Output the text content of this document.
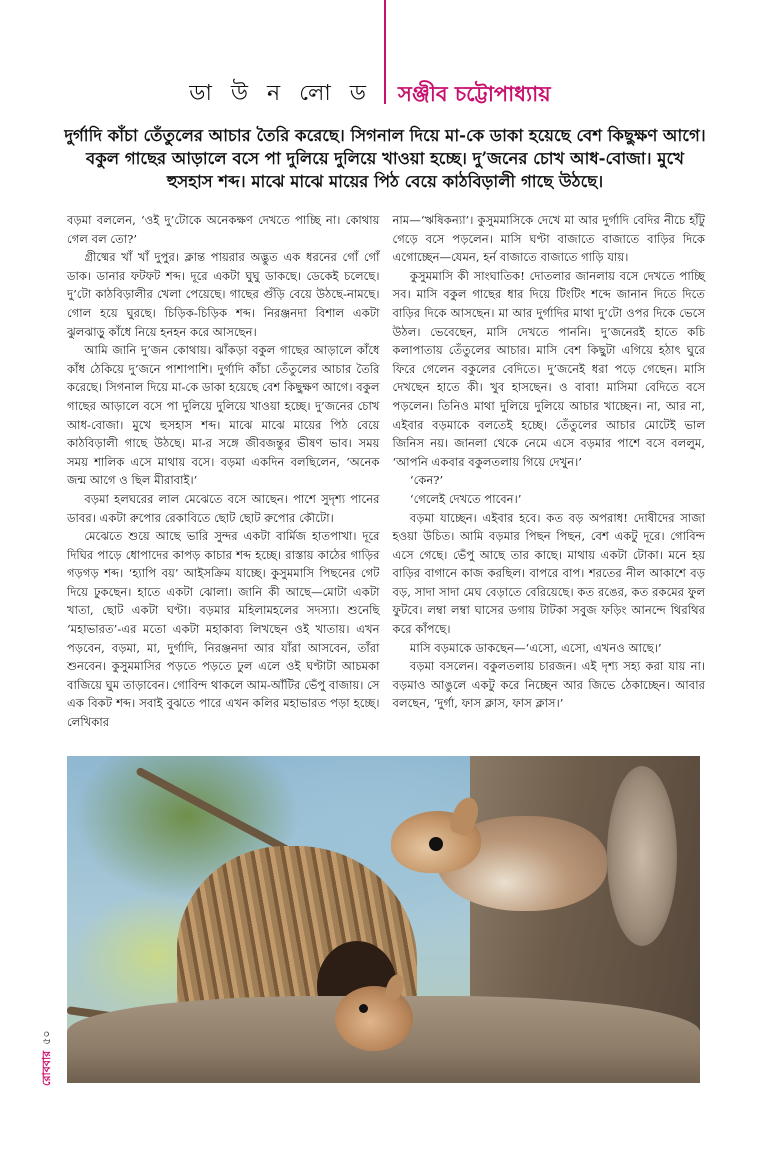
ডা উ ন লো ড সঞ্জীব চট্টোপাধ্যায়
দুর্গাদি কাঁচা তেঁতুলের আচার তৈরি করেছে। সিগনাল দিয়ে মা-কে ডাকা হয়েছে বেশ কিছুক্ষণ আগে। বকুল গাছের আড়ালে বসে পা দুলিয়ে দুলিয়ে খাওয়া হচ্ছে। দু’জনের চোখ আধ-বোজা। মুখে হুসহাস শব্দ। মাঝে মাঝে মায়ের পিঠ বেয়ে কাঠবিড়ালী গাছে উঠছে।

বড়মা বললেন, ‘ওই দু’টোকে অনেকক্ষণ দেখতে পাচ্ছি না। কোথায় গেল বল তো?’

গ্রীষ্মের খাঁ খাঁ দুপুর। ক্লান্ত পায়রার অদ্ভুত এক ধরনের গোঁ গোঁ ডাক। ডানার ফটফট শব্দ। দূরে একটা ঘুঘু ডাকছে। ডেকেই চলেছে। দু’টো কাঠবিড়ালীর খেলা পেয়েছে। গাছের গুঁড়ি বেয়ে উঠছে-নামছে। গোল হয়ে ঘুরছে। চিড়িক-চিড়িক শব্দ। নিরঞ্জনদা বিশাল একটা ঝুলঝাড়ু কাঁধে নিয়ে হনহন করে আসছেন।

আমি জানি দু’জন কোথায়। ঝাঁকড়া বকুল গাছের আড়ালে কাঁধে কাঁধ ঠেকিয়ে দু’জনে পাশাপাশি। দুর্গাদি কাঁচা তেঁতুলের আচার তৈরি করেছে। সিগনাল দিয়ে মা-কে ডাকা হয়েছে বেশ কিছুক্ষণ আগে। বকুল গাছের আড়ালে বসে পা দুলিয়ে দুলিয়ে খাওয়া হচ্ছে। দু’জনের চোখ আধ-বোজা। মুখে হুসহাস শব্দ। মাঝে মাঝে মায়ের পিঠ বেয়ে কাঠবিড়ালী গাছে উঠছে। মা-র সঙ্গে জীবজন্তুর ভীষণ ভাব। সময় সময় শালিক এসে মাথায় বসে। বড়মা একদিন বলছিলেন, ‘অনেক জন্ম আগে ও ছিল মীরাবাই।’

বড়মা হলঘরের লাল মেঝেতে বসে আছেন। পাশে সুদৃশ্য পানের ডাবর। একটা রুপোর রেকাবিতে ছোট ছোট রুপোর কৌটো।

মেঝেতে শুয়ে আছে ভারি সুন্দর একটা বার্মিজ হাতপাখা। দূরে দিঘির পাড়ে ধোপাদের কাপড় কাচার শব্দ হচ্ছে। রাস্তায় কাঠের গাড়ির গড়গড় শব্দ। ‘হ্যাপি বয়’ আইসক্রিম যাচ্ছে। কুসুমমাসি পিছনের গেট দিয়ে ঢুকছেন। হাতে একটা ঝোলা। জানি কী আছে—মোটা একটা খাতা, ছোট একটা ঘণ্টা। বড়মার মহিলামহলের সদস্যা। শুনেছি ‘মহাভারত’-এর মতো একটা মহাকাব্য লিখছেন ওই খাতায়। এখন পড়বেন, বড়মা, মা, দুর্গাদি, নিরঞ্জনদা আর যাঁরা আসবেন, তাঁরা শুনবেন। কুসুমমাসির পড়তে পড়তে ঢুল এলে ওই ঘণ্টাটা আচমকা বাজিয়ে ঘুম তাড়াবেন। গোবিন্দ থাকলে আম-আঁটির ভেঁপু বাজায়। সে এক বিকট শব্দ। সবাই বুঝতে পারে এখন কলির মহাভারত পড়া হচ্ছে। লেখিকার

নাম—‘ঋষিকন্যা’। কুসুমমাসিকে দেখে মা আর দুর্গাদি বেদির নীচে হাঁটু গেড়ে বসে পড়লেন। মাসি ঘণ্টা বাজাতে বাজাতে বাড়ির দিকে এগোচ্ছেন—যেমন, হর্ন বাজাতে বাজাতে গাড়ি যায়।

কুসুমমাসি কী সাংঘাতিক! দোতলার জানলায় বসে দেখতে পাচ্ছি সব। মাসি বকুল গাছের ধার দিয়ে টিংটিং শব্দে জানান দিতে দিতে বাড়ির দিকে আসছেন। মা আর দুর্গাদির মাথা দু’টো ওপর দিকে ভেসে উঠল। ভেবেছেন, মাসি দেখতে পাননি। দু’জনেরই হাতে কচি কলাপাতায় তেঁতুলের আচার। মাসি বেশ কিছুটা এগিয়ে হঠাৎ ঘুরে ফিরে গেলেন বকুলের বেদিতে। দু’জনেই ধরা পড়ে গেছেন। মাসি দেখছেন হাতে কী। খুব হাসছেন। ও বাবা! মাসিমা বেদিতে বসে পড়লেন। তিনিও মাথা দুলিয়ে দুলিয়ে আচার খাচ্ছেন। না, আর না, এইবার বড়মাকে বলতেই হচ্ছে। তেঁতুলের আচার মোটেই ভাল জিনিস নয়। জানলা থেকে নেমে এসে বড়মার পাশে বসে বললুম, ‘আপনি একবার বকুলতলায় গিয়ে দেখুন।’

‘কেন?’

‘গেলেই দেখতে পাবেন।’

বড়মা যাচ্ছেন। এইবার হবে। কত বড় অপরাধ! দোষীদের সাজা হওয়া উচিত। আমি বড়মার পিছন পিছন, বেশ একটু দূরে। গোবিন্দ এসে গেছে। ভেঁপু আছে তার কাছে। মাথায় একটা টোকা। মনে হয় বাড়ির বাগানে কাজ করছিল। বাপরে বাপ। শরতের নীল আকাশে বড় বড়, সাদা সাদা মেঘ বেড়াতে বেরিয়েছে। কত রঙের, কত রকমের ফুল ফুটবে। লম্বা লম্বা ঘাসের ডগায় টাটকা সবুজ ফড়িং আনন্দে থিরথির করে কাঁপছে।

মাসি বড়মাকে ডাকছেন—‘এসো, এসো, এখনও আছে।’

বড়মা বসলেন। বকুলতলায় চারজন। এই দৃশ্য সহ্য করা যায় না। বড়মাও আঙুলে একটু করে নিচ্ছেন আর জিভে ঠেকাচ্ছেন। আবার বলছেন, ‘দুর্গা, ফাস ক্লাস, ফাস ক্লাস।’

রোববার৫০
